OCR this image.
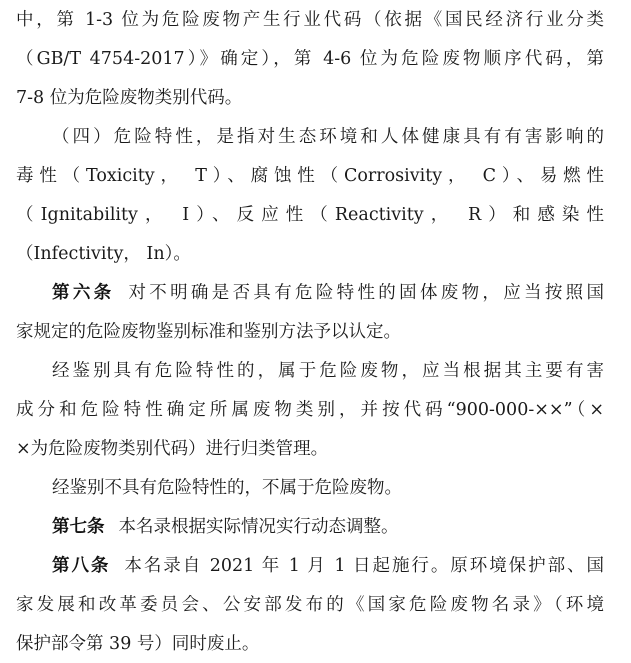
中，第 1-3 位为危险废物产生行业代码（依据《国民经济行业分类
（GB/T 4754-2017）》确定），第 4-6 位为危险废物顺序代码，第
7-8 位为危险废物类别代码。
（四）危险特性，是指对生态环境和人体健康具有有害影响的
毒性（Toxicity， T）、腐蚀性（Corrosivity， C）、易燃性
（Ignitability， I）、反应性（Reactivity， R）和感染性
（Infectivity， In）。
第六条 对不明确是否具有危险特性的固体废物，应当按照国
家规定的危险废物鉴别标准和鉴别方法予以认定。
经鉴别具有危险特性的，属于危险废物，应当根据其主要有害
成分和危险特性确定所属废物类别，并按代码“900-000-××”（×
×为危险废物类别代码）进行归类管理。
经鉴别不具有危险特性的，不属于危险废物。
第七条 本名录根据实际情况实行动态调整。
第八条 本名录自 2021 年 1 月 1 日起施行。原环境保护部、国
家发展和改革委员会、公安部发布的《国家危险废物名录》（环境
保护部令第 39 号）同时废止。
